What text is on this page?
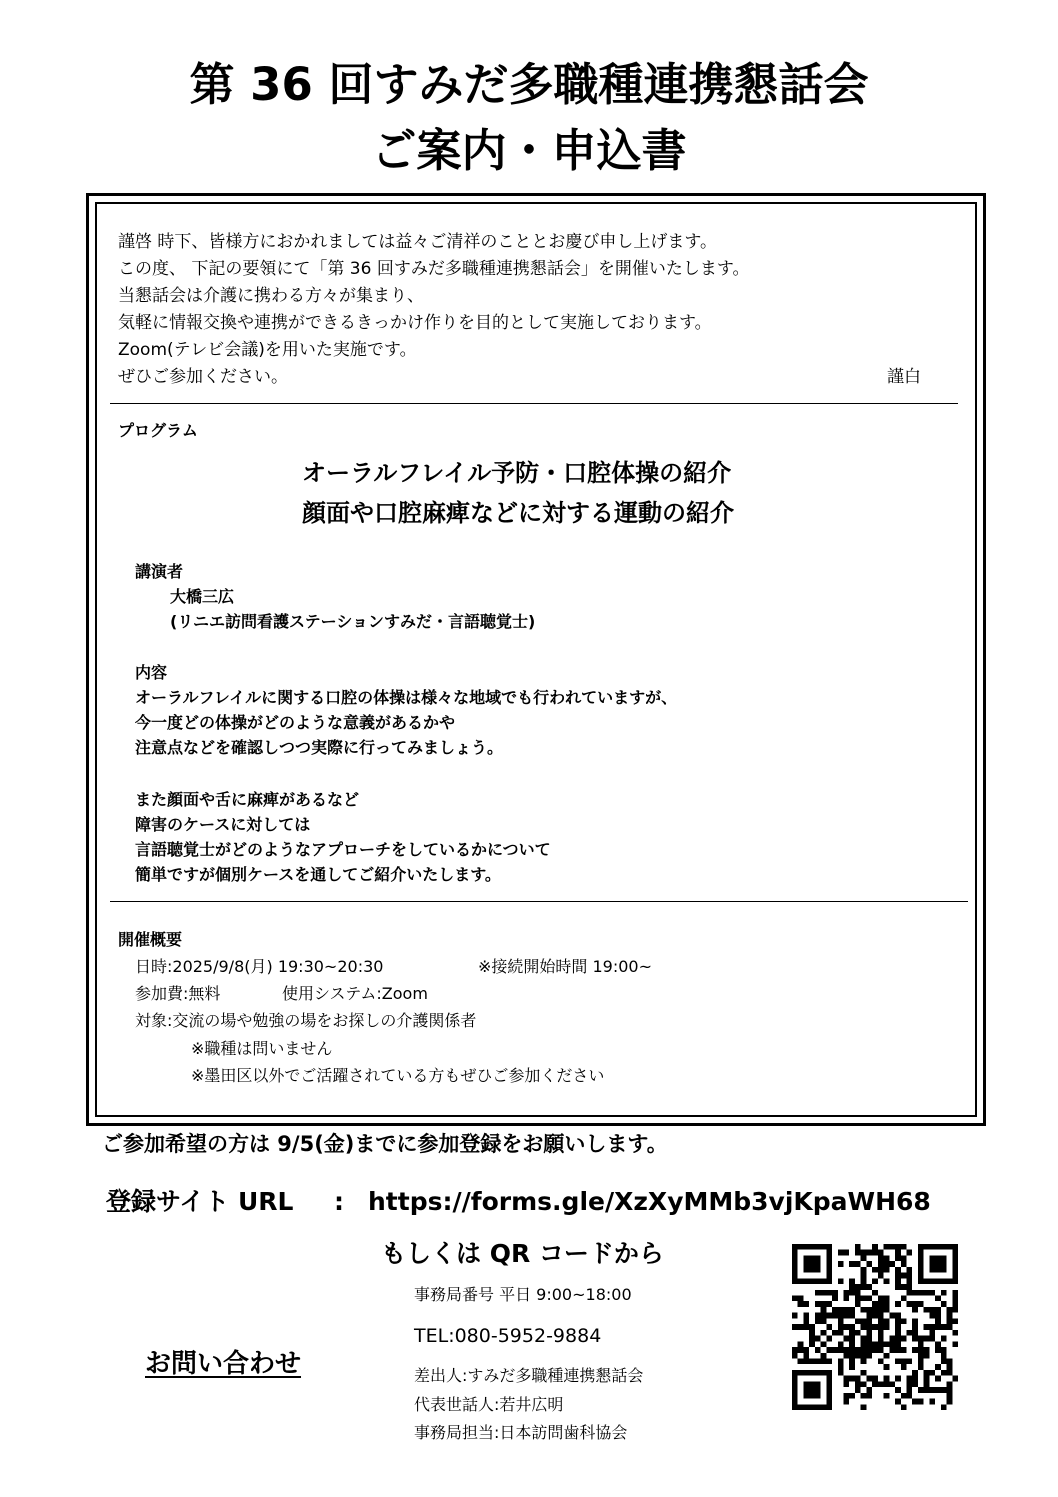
第 36 回すみだ多職種連携懇話会
ご案内・申込書
謹啓 時下、皆様方におかれましては益々ご清祥のこととお慶び申し上げます。
この度、 下記の要領にて「第 36 回すみだ多職種連携懇話会」を開催いたします。
当懇話会は介護に携わる方々が集まり、
気軽に情報交換や連携ができるきっかけ作りを目的として実施しております。
Zoom(テレビ会議)を用いた実施です。
ぜひご参加ください。	謹白
プログラム
オーラルフレイル予防・口腔体操の紹介
顔面や口腔麻痺などに対する運動の紹介
講演者
大橋三広
(リニエ訪問看護ステーションすみだ・言語聴覚士)
内容
オーラルフレイルに関する口腔の体操は様々な地域でも行われていますが、
今一度どの体操がどのような意義があるかや
注意点などを確認しつつ実際に行ってみましょう。
また顔面や舌に麻痺があるなど
障害のケースに対しては
言語聴覚士がどのようなアプローチをしているかについて
簡単ですが個別ケースを通してご紹介いたします。
開催概要
日時:2025/9/8(月) 19:30~20:30	※接続開始時間 19:00~
参加費:無料	使用システム:Zoom
対象:交流の場や勉強の場をお探しの介護関係者
※職種は問いません
※墨田区以外でご活躍されている方もぜひご参加ください
ご参加希望の方は 9/5(金)までに参加登録をお願いします。
登録サイト URL : https://forms.gle/XzXyMMb3vjKpaWH68
もしくは QR コードから
お問い合わせ
事務局番号 平日 9:00~18:00
TEL:080-5952-9884
差出人:すみだ多職種連携懇話会
代表世話人:若井広明
事務局担当:日本訪問歯科協会
